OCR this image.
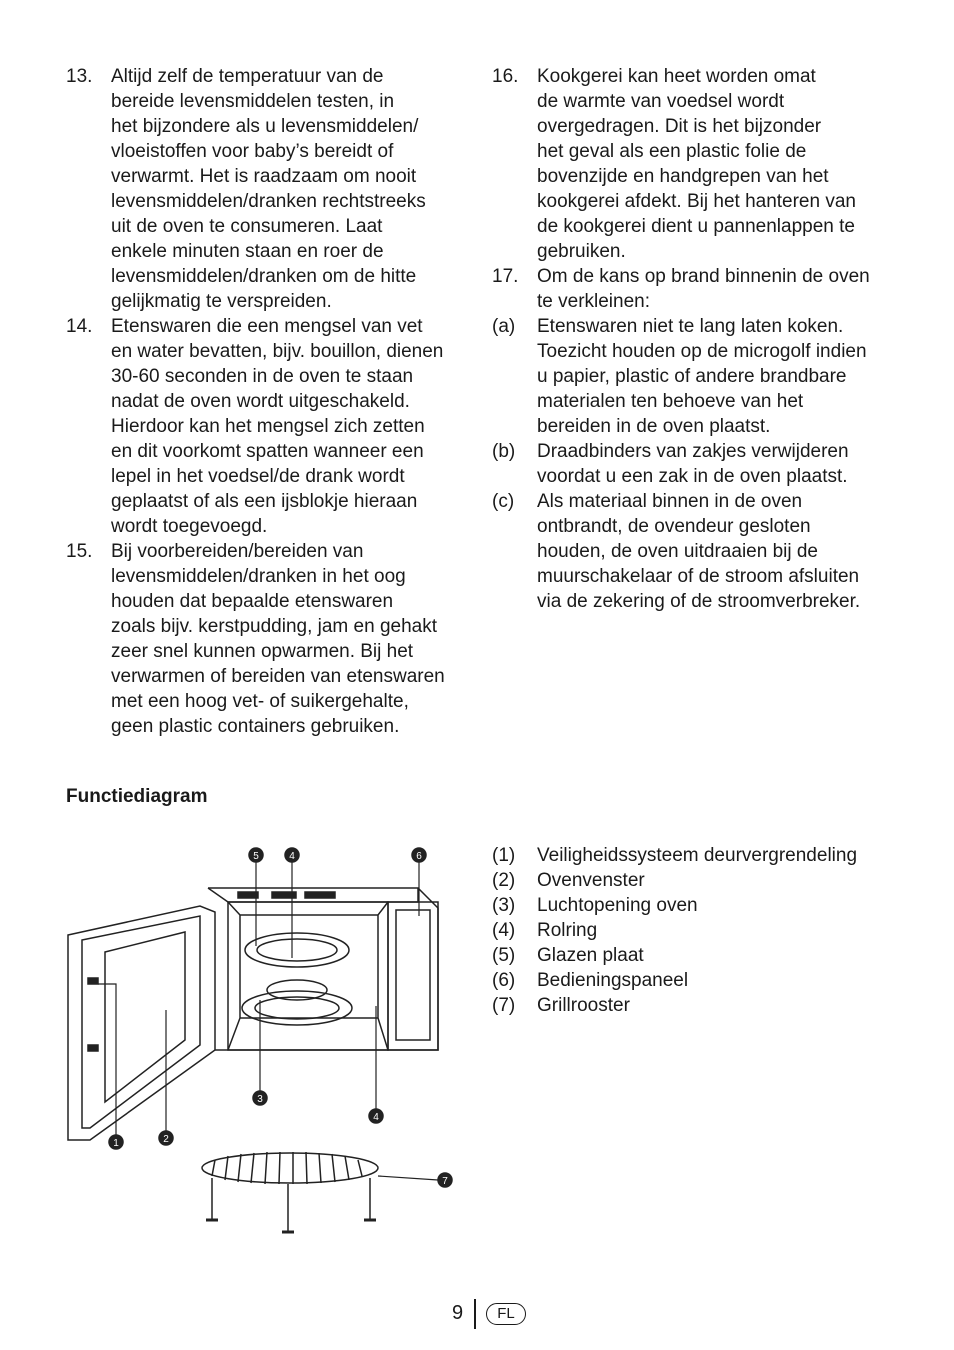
13. Altijd zelf de temperatuur van de
bereide levensmiddelen testen, in
het bijzondere als u levensmiddelen/
vloeistoffen voor baby’s bereidt of
verwarmt. Het is raadzaam om nooit
levensmiddelen/dranken rechtstreeks
uit de oven te consumeren. Laat
enkele minuten staan en roer de
levensmiddelen/dranken om de hitte
gelijkmatig te verspreiden.
14. Etenswaren die een mengsel van vet
en water bevatten, bijv. bouillon, dienen
30-60 seconden in de oven te staan
nadat de oven wordt uitgeschakeld.
Hierdoor kan het mengsel zich zetten
en dit voorkomt spatten wanneer een
lepel in het voedsel/de drank wordt
geplaatst of als een ijsblokje hieraan
wordt toegevoegd.
15. Bij voorbereiden/bereiden van
levensmiddelen/dranken in het oog
houden dat bepaalde etenswaren
zoals bijv. kerstpudding, jam en gehakt
zeer snel kunnen opwarmen. Bij het
verwarmen of bereiden van etenswaren
met een hoog vet- of suikergehalte,
geen plastic containers gebruiken.
16. Kookgerei kan heet worden omat
de warmte van voedsel wordt
overgedragen. Dit is het bijzonder
het geval als een plastic folie de
bovenzijde en handgrepen van het
kookgerei afdekt. Bij het hanteren van
de kookgerei dient u pannenlappen te
gebruiken.
17. Om de kans op brand binnenin de oven
te verkleinen:
(a)	Etenswaren niet te lang laten koken.
Toezicht houden op de microgolf indien
u papier, plastic of andere brandbare
materialen ten behoeve van het
bereiden in de oven plaatst.
(b)	Draadbinders van zakjes verwijderen
voordat u een zak in de oven plaatst.
(c)	Als materiaal binnen in de oven
ontbrandt, de ovendeur gesloten
houden, de oven uitdraaien bij de
muurschakelaar of de stroom afsluiten
via de zekering of de stroomverbreker.
Functiediagram
5	4	6
3
4
1	2
7
(1)	Veiligheidssysteem deurvergrendeling
(2)	Ovenvenster
(3)	Luchtopening oven
(4)	Rolring
(5)	Glazen plaat
(6)	Bedieningspaneel
(7)	Grillrooster
9	FL
